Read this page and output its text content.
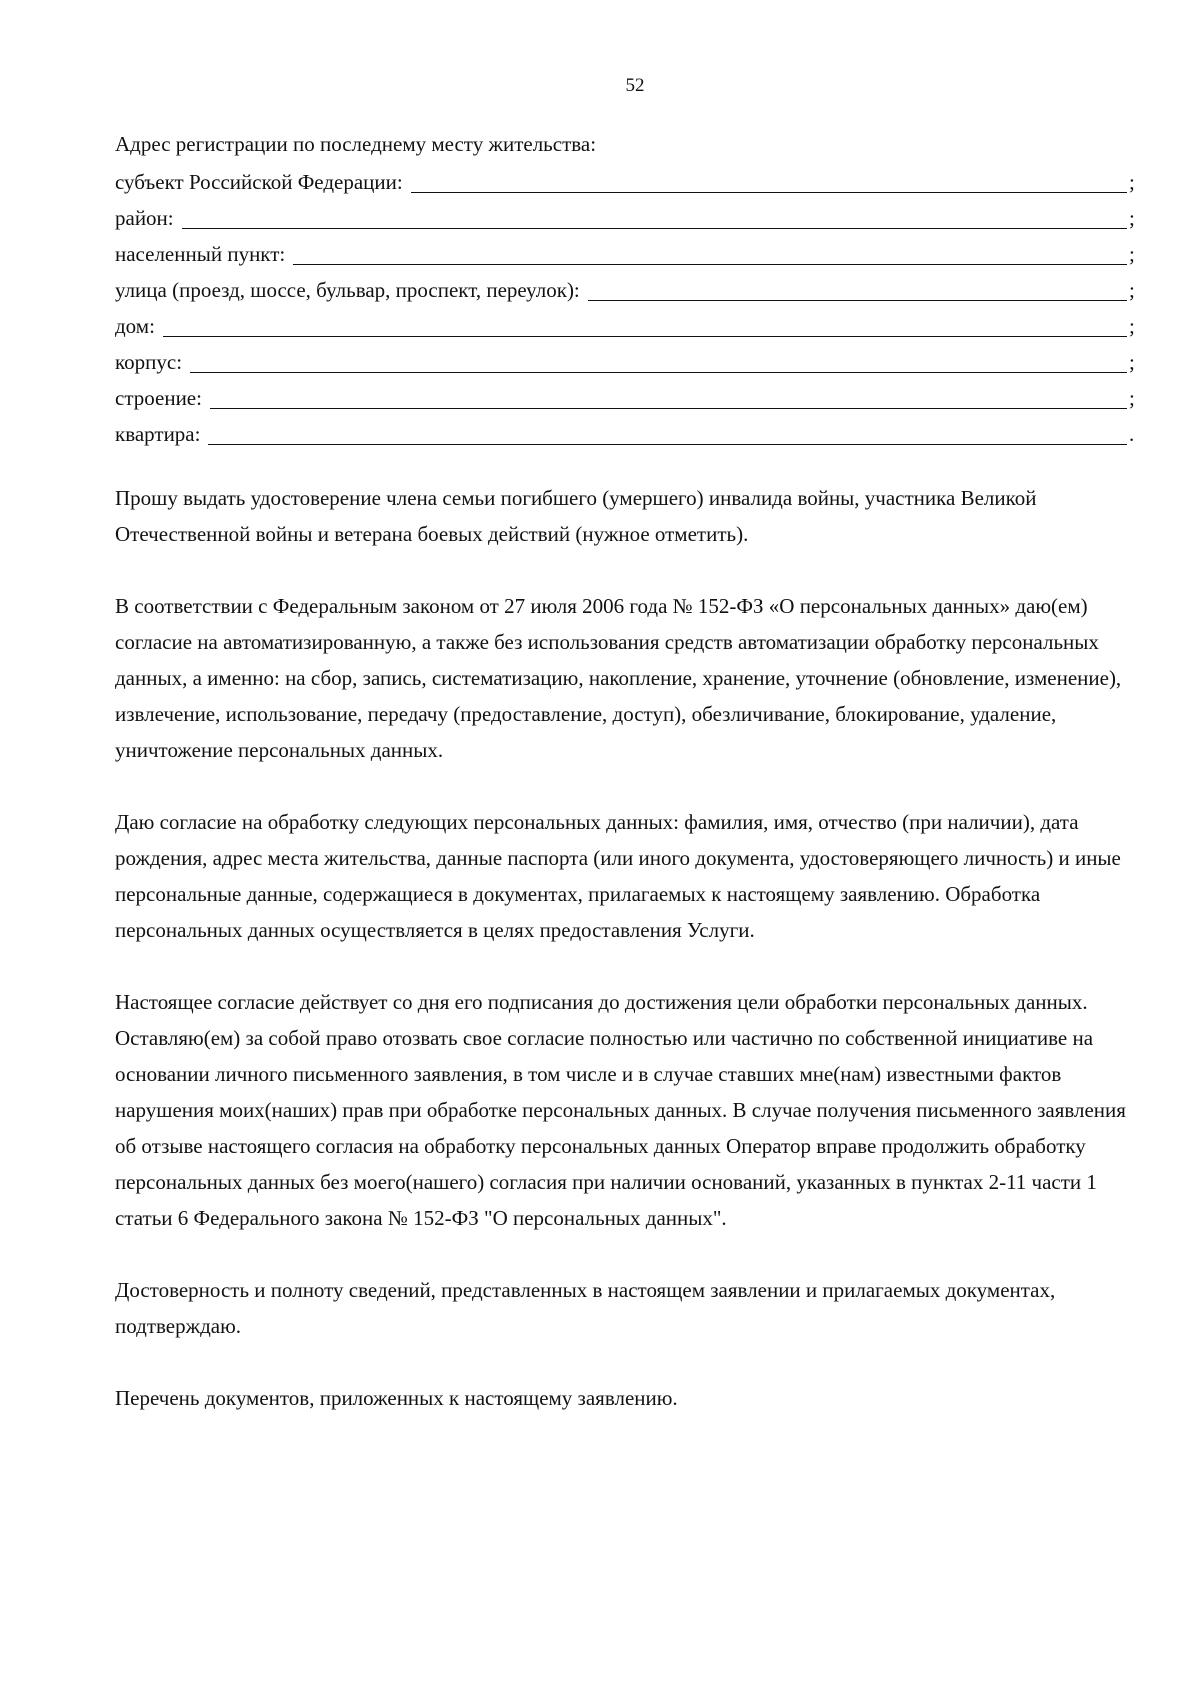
52
Адрес регистрации по последнему месту жительства:
субъект Российской Федерации:	;
район:	;
населенный пункт:	;
улица (проезд, шоссе, бульвар, проспект, переулок):	;
дом:	;
корпус:	;
строение:	;
квартира:	.

Прошу выдать удостоверение члена семьи погибшего (умершего) инвалида войны, участника Великой Отечественной войны и ветерана боевых действий (нужное отметить).

В соответствии с Федеральным законом от 27 июля 2006 года № 152-ФЗ «О персональных данных» даю(ем) согласие на автоматизированную, а также без использования средств автоматизации обработку персональных данных, а именно: на сбор, запись, систематизацию, накопление, хранение, уточнение (обновление, изменение), извлечение, использование, передачу (предоставление, доступ), обезличивание, блокирование, удаление, уничтожение персональных данных.

Даю согласие на обработку следующих персональных данных: фамилия, имя, отчество (при наличии), дата рождения, адрес места жительства, данные паспорта (или иного документа, удостоверяющего личность) и иные персональные данные, содержащиеся в документах, прилагаемых к настоящему заявлению. Обработка персональных данных осуществляется в целях предоставления Услуги.

Настоящее согласие действует со дня его подписания до достижения цели обработки персональных данных. Оставляю(ем) за собой право отозвать свое согласие полностью или частично по собственной инициативе на основании личного письменного заявления, в том числе и в случае ставших мне(нам) известными фактов нарушения моих(наших) прав при обработке персональных данных. В случае получения письменного заявления об отзыве настоящего согласия на обработку персональных данных Оператор вправе продолжить обработку персональных данных без моего(нашего) согласия при наличии оснований, указанных в пунктах 2-11 части 1 статьи 6 Федерального закона № 152-ФЗ "О персональных данных".

Достоверность и полноту сведений, представленных в настоящем заявлении и прилагаемых документах, подтверждаю.

Перечень документов, приложенных к настоящему заявлению.
